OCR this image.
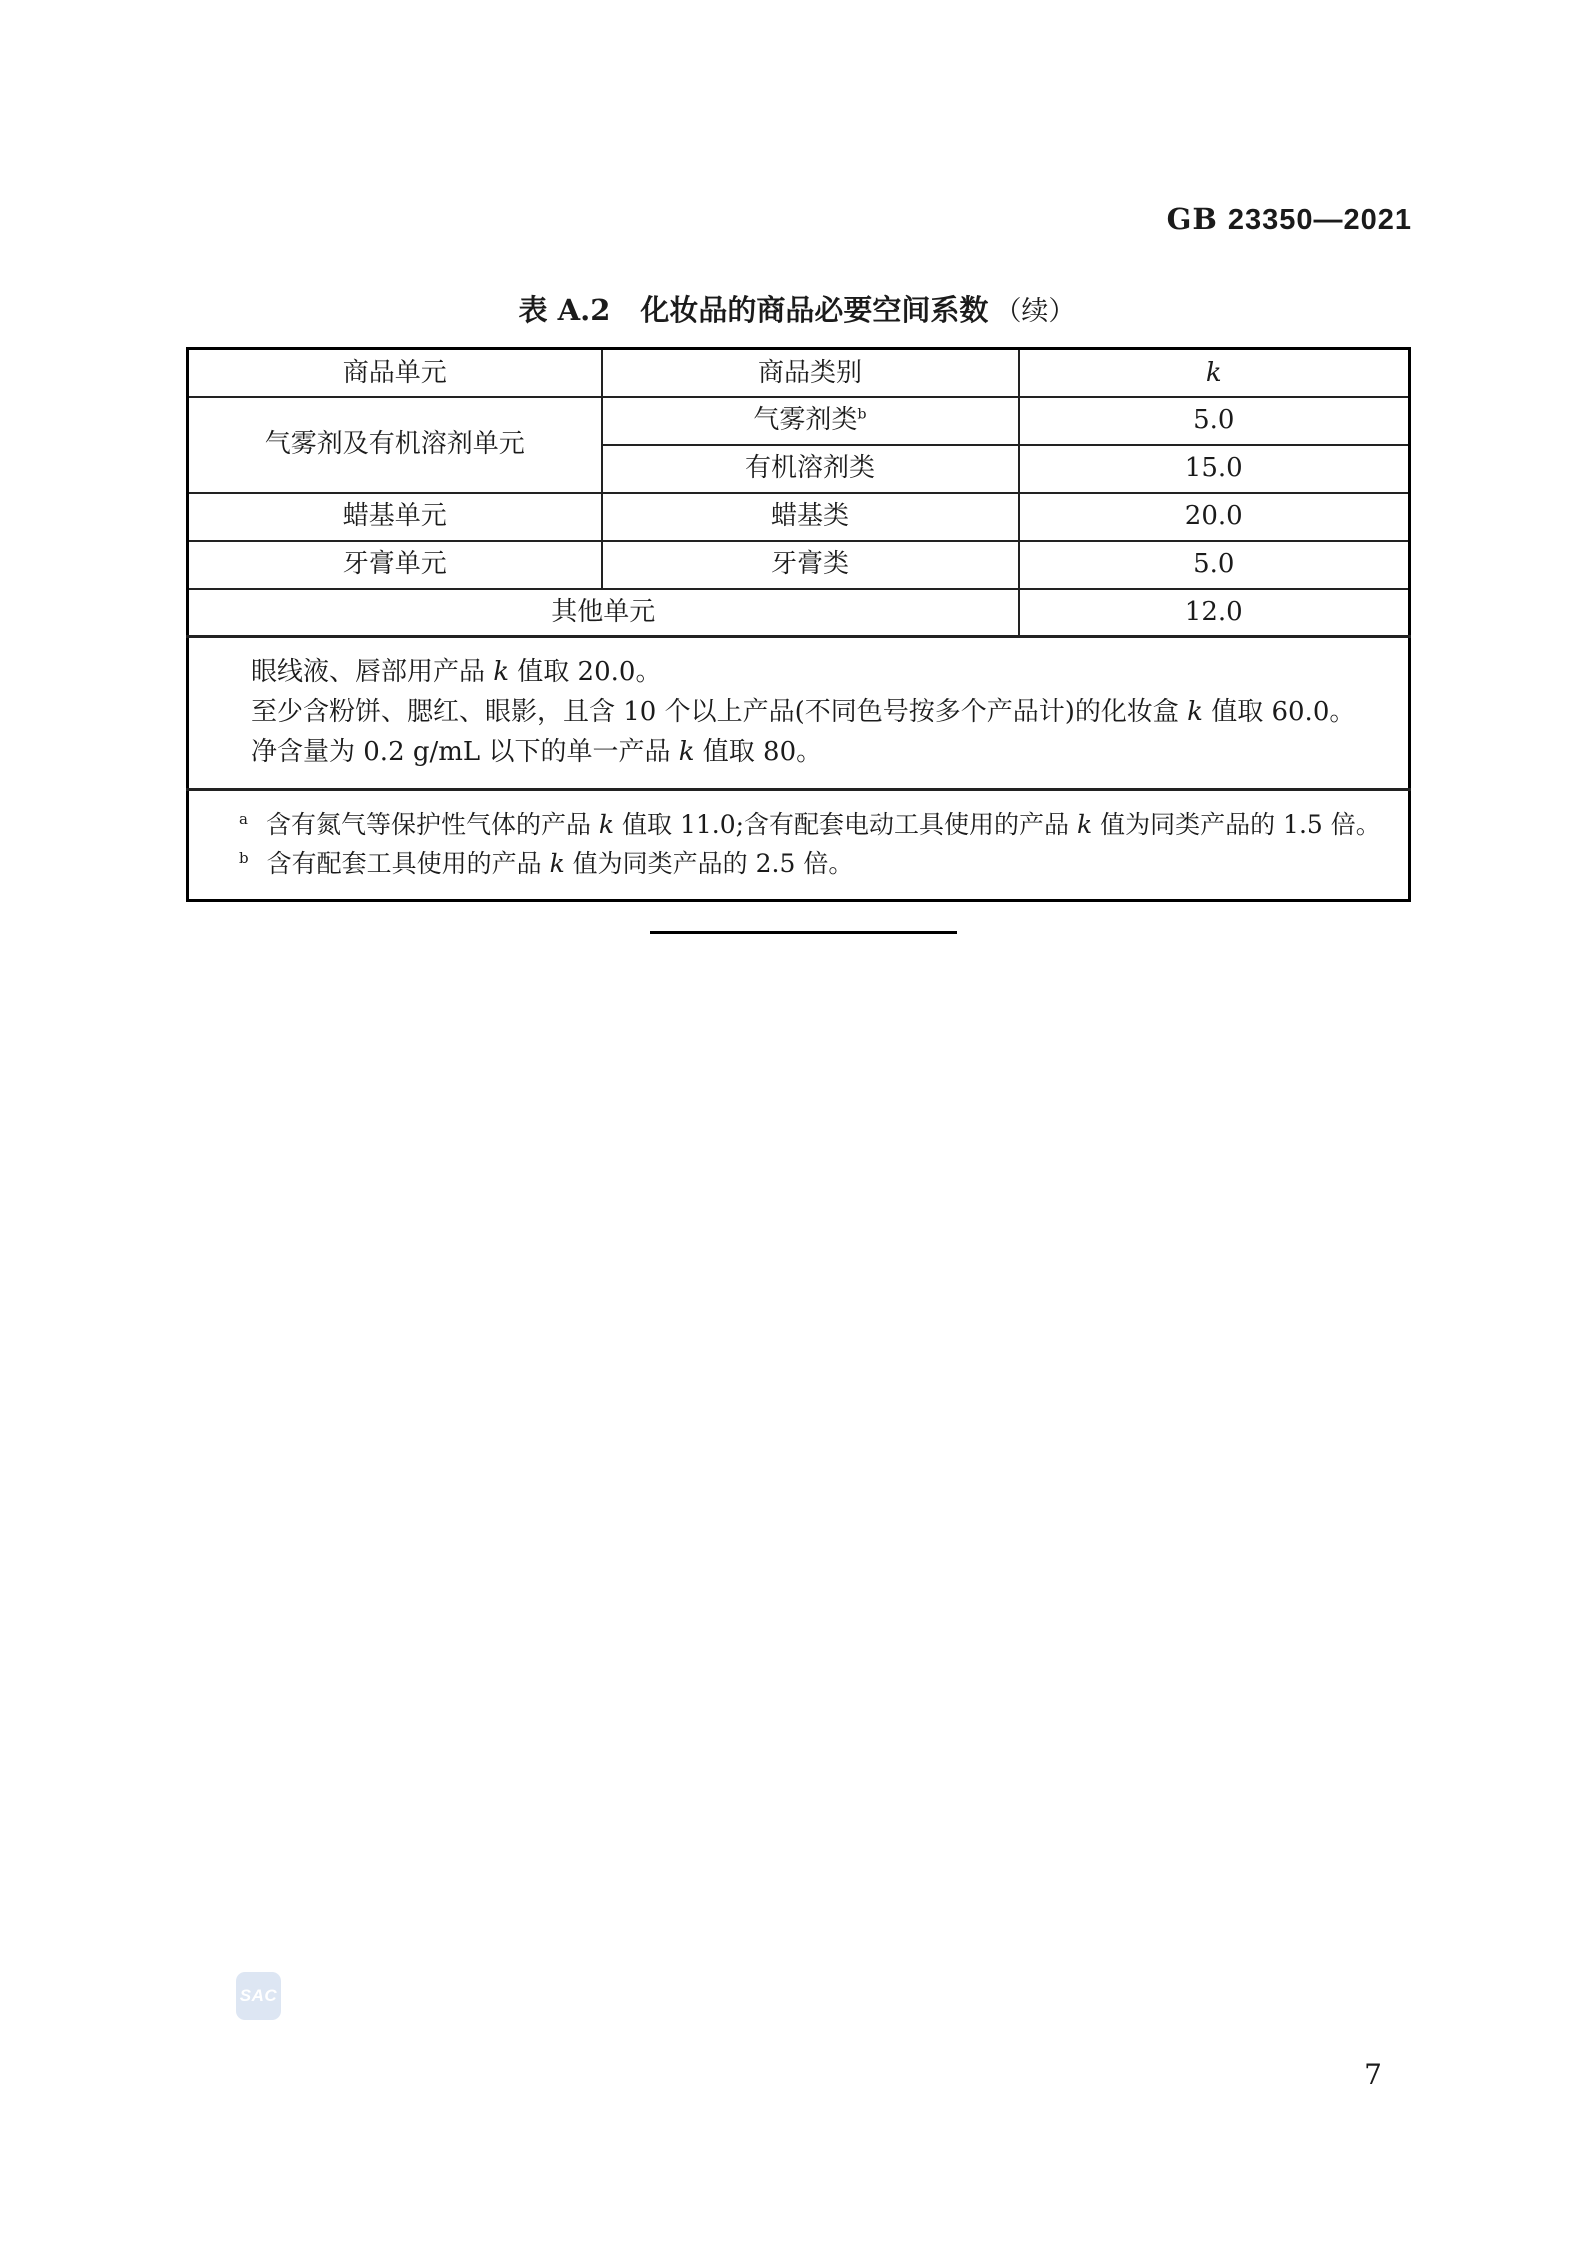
GB 23350—2021
表 A.2 化妆品的商品必要空间系数 （续）
商品单元	商品类别	k
气雾剂及有机溶剂单元	气雾剂类$^b$	5.0
	有机溶剂类	15.0
蜡基单元	蜡基类	20.0
牙膏单元	牙膏类	5.0
其他单元		12.0

眼线液、唇部用产品 k 值取 20.0。

至少含粉饼、腮红、眼影，且含 10 个以上产品(不同色号按多个产品计)的化妆盒 k 值取 60.0。

净含量为 0.2 g/mL 以下的单一产品 k 值取 80。		

$^a$ 含有氮气等保护性气体的产品 k 值取 11.0;含有配套电动工具使用的产品 k 值为同类产品的 1.5 倍。

$^b$ 含有配套工具使用的产品 k 值为同类产品的 2.5 倍。		

SAC
7
